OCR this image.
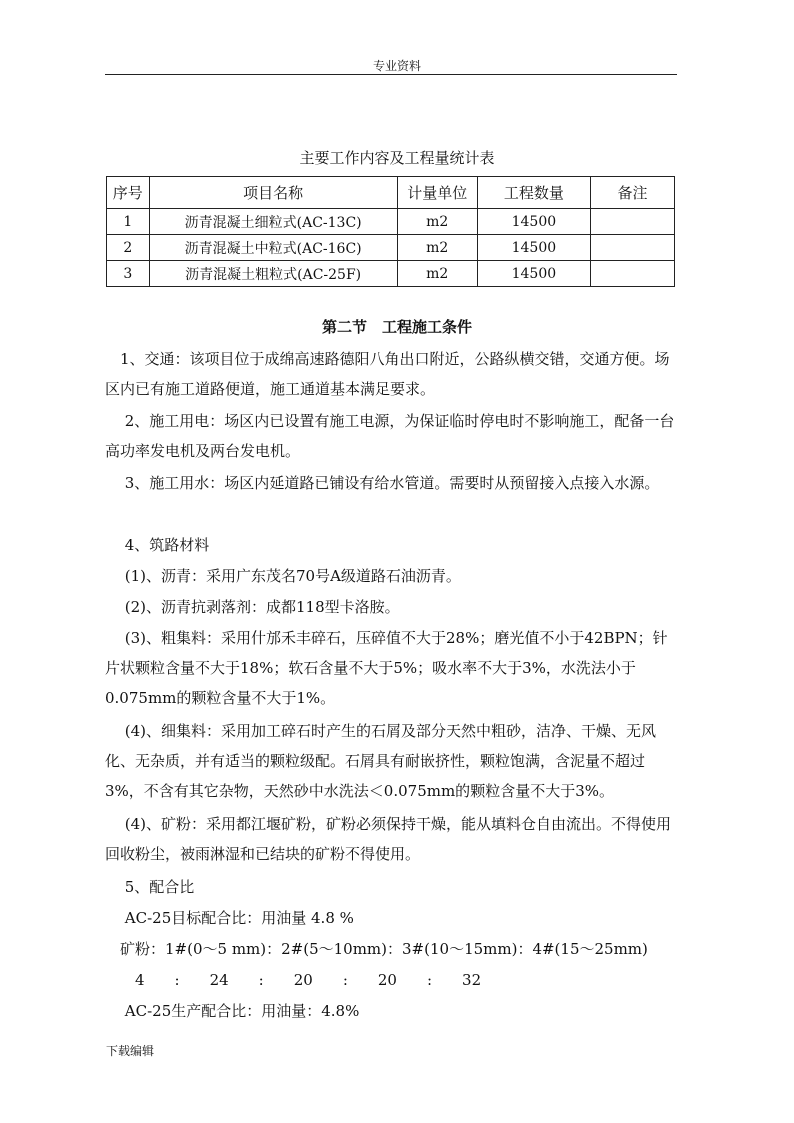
专业资料
主要工作内容及工程量统计表
序号	项目名称	计量单位	工程数量	备注
1	沥青混凝土细粒式(AC-13C)	m2	14500	
2	沥青混凝土中粒式(AC-16C)	m2	14500	
3	沥青混凝土粗粒式(AC-25F)	m2	14500	
第二节　工程施工条件

　1、交通：该项目位于成绵高速路德阳八角出口附近，公路纵横交错，交通方便。场区内已有施工道路便道，施工通道基本满足要求。

　 2、施工用电：场区内已设置有施工电源，为保证临时停电时不影响施工，配备一台高功率发电机及两台发电机。

　 3、施工用水：场区内延道路已铺设有给水管道。需要时从预留接入点接入水源。

　 4、筑路材料

　 (1)、沥青：采用广东茂名70号A级道路石油沥青。

　 (2)、沥青抗剥落剂：成都118型卡洛胺。

　 (3)、粗集料：采用什邡禾丰碎石，压碎值不大于28%；磨光值不小于42BPN；针片状颗粒含量不大于18%；软石含量不大于5%；吸水率不大于3%，水洗法小于0.075mm的颗粒含量不大于1%。

　 (4)、细集料：采用加工碎石时产生的石屑及部分天然中粗砂，洁净、干燥、无风化、无杂质，并有适当的颗粒级配。石屑具有耐嵌挤性，颗粒饱满，含泥量不超过3%，不含有其它杂物，天然砂中水洗法＜0.075mm的颗粒含量不大于3%。

　 (4)、矿粉：采用都江堰矿粉，矿粉必须保持干燥，能从填料仓自由流出。不得使用回收粉尘，被雨淋湿和已结块的矿粉不得使用。

　 5、配合比

　 AC-25目标配合比：用油量 4.8 %

　矿粉：1#(0～5 mm)：2#(5～10mm)：3#(10～15mm)：4#(15～25mm)

　　4　　:　　24　　:　　20　　:　　20　　:　　32

　 AC-25生产配合比：用油量：4.8%

下载编辑
